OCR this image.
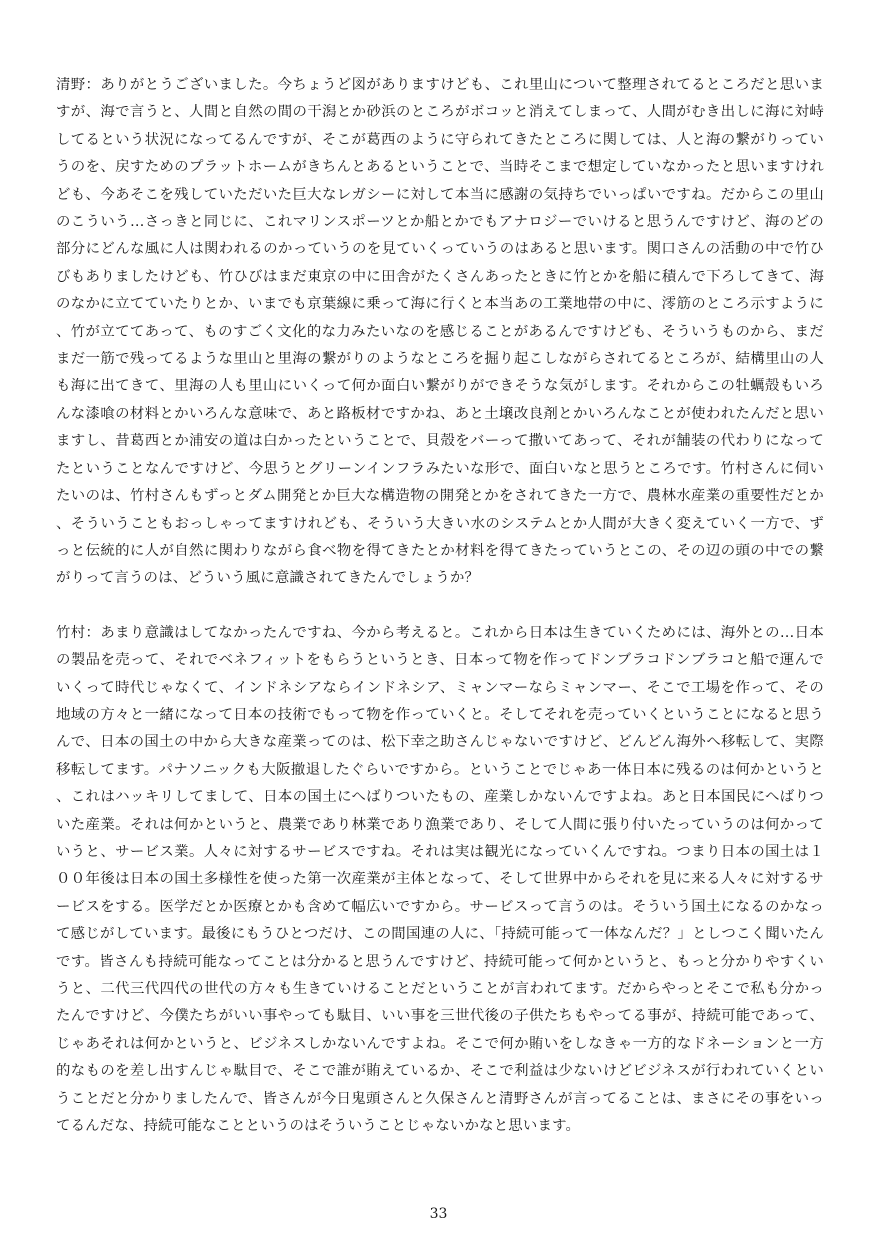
清野：ありがとうございました。今ちょうど図がありますけども、これ里山について整理されてるところだと思いますが、海で言うと、人間と自然の間の干潟とか砂浜のところがボコッと消えてしまって、人間がむき出しに海に対峙してるという状況になってるんですが、そこが葛西のように守られてきたところに関しては、人と海の繋がりっていうのを、戻すためのプラットホームがきちんとあるということで、当時そこまで想定していなかったと思いますけれども、今あそこを残していただいた巨大なレガシーに対して本当に感謝の気持ちでいっぱいですね。だからこの里山のこういう…さっきと同じに、これマリンスポーツとか船とかでもアナロジーでいけると思うんですけど、海のどの部分にどんな風に人は関われるのかっていうのを見ていくっていうのはあると思います。関口さんの活動の中で竹ひびもありましたけども、竹ひびはまだ東京の中に田舎がたくさんあったときに竹とかを船に積んで下ろしてきて、海のなかに立てていたりとか、いまでも京葉線に乗って海に行くと本当あの工業地帯の中に、澪筋のところ示すように、竹が立ててあって、ものすごく文化的な力みたいなのを感じることがあるんですけども、そういうものから、まだまだ一筋で残ってるような里山と里海の繋がりのようなところを掘り起こしながらされてるところが、結構里山の人も海に出てきて、里海の人も里山にいくって何か面白い繋がりができそうな気がします。それからこの牡蠣殻もいろんな漆喰の材料とかいろんな意味で、あと路板材ですかね、あと土壌改良剤とかいろんなことが使われたんだと思いますし、昔葛西とか浦安の道は白かったということで、貝殻をバーって撒いてあって、それが舗装の代わりになってたということなんですけど、今思うとグリーンインフラみたいな形で、面白いなと思うところです。竹村さんに伺いたいのは、竹村さんもずっとダム開発とか巨大な構造物の開発とかをされてきた一方で、農林水産業の重要性だとか、そういうこともおっしゃってますけれども、そういう大きい水のシステムとか人間が大きく変えていく一方で、ずっと伝統的に人が自然に関わりながら食べ物を得てきたとか材料を得てきたっていうとこの、その辺の頭の中での繋がりって言うのは、どういう風に意識されてきたんでしょうか？

竹村：あまり意識はしてなかったんですね、今から考えると。これから日本は生きていくためには、海外との…日本の製品を売って、それでベネフィットをもらうというとき、日本って物を作ってドンブラコドンブラコと船で運んでいくって時代じゃなくて、インドネシアならインドネシア、ミャンマーならミャンマー、そこで工場を作って、その地域の方々と一緒になって日本の技術でもって物を作っていくと。そしてそれを売っていくということになると思うんで、日本の国土の中から大きな産業ってのは、松下幸之助さんじゃないですけど、どんどん海外へ移転して、実際移転してます。パナソニックも大阪撤退したぐらいですから。ということでじゃあ一体日本に残るのは何かというと、これはハッキリしてまして、日本の国土にへばりついたもの、産業しかないんですよね。あと日本国民にへばりついた産業。それは何かというと、農業であり林業であり漁業であり、そして人間に張り付いたっていうのは何かっていうと、サービス業。人々に対するサービスですね。それは実は観光になっていくんですね。つまり日本の国土は１００年後は日本の国土多様性を使った第一次産業が主体となって、そして世界中からそれを見に来る人々に対するサービスをする。医学だとか医療とかも含めて幅広いですから。サービスって言うのは。そういう国土になるのかなって感じがしています。最後にもうひとつだけ、この間国連の人に、「持続可能って一体なんだ？」としつこく聞いたんです。皆さんも持続可能なってことは分かると思うんですけど、持続可能って何かというと、もっと分かりやすくいうと、二代三代四代の世代の方々も生きていけることだということが言われてます。だからやっとそこで私も分かったんですけど、今僕たちがいい事やっても駄目、いい事を三世代後の子供たちもやってる事が、持続可能であって、じゃあそれは何かというと、ビジネスしかないんですよね。そこで何か賄いをしなきゃ一方的なドネーションと一方的なものを差し出すんじゃ駄目で、そこで誰が賄えているか、そこで利益は少ないけどビジネスが行われていくということだと分かりましたんで、皆さんが今日鬼頭さんと久保さんと清野さんが言ってることは、まさにその事をいってるんだな、持続可能なことというのはそういうことじゃないかなと思います。

33
